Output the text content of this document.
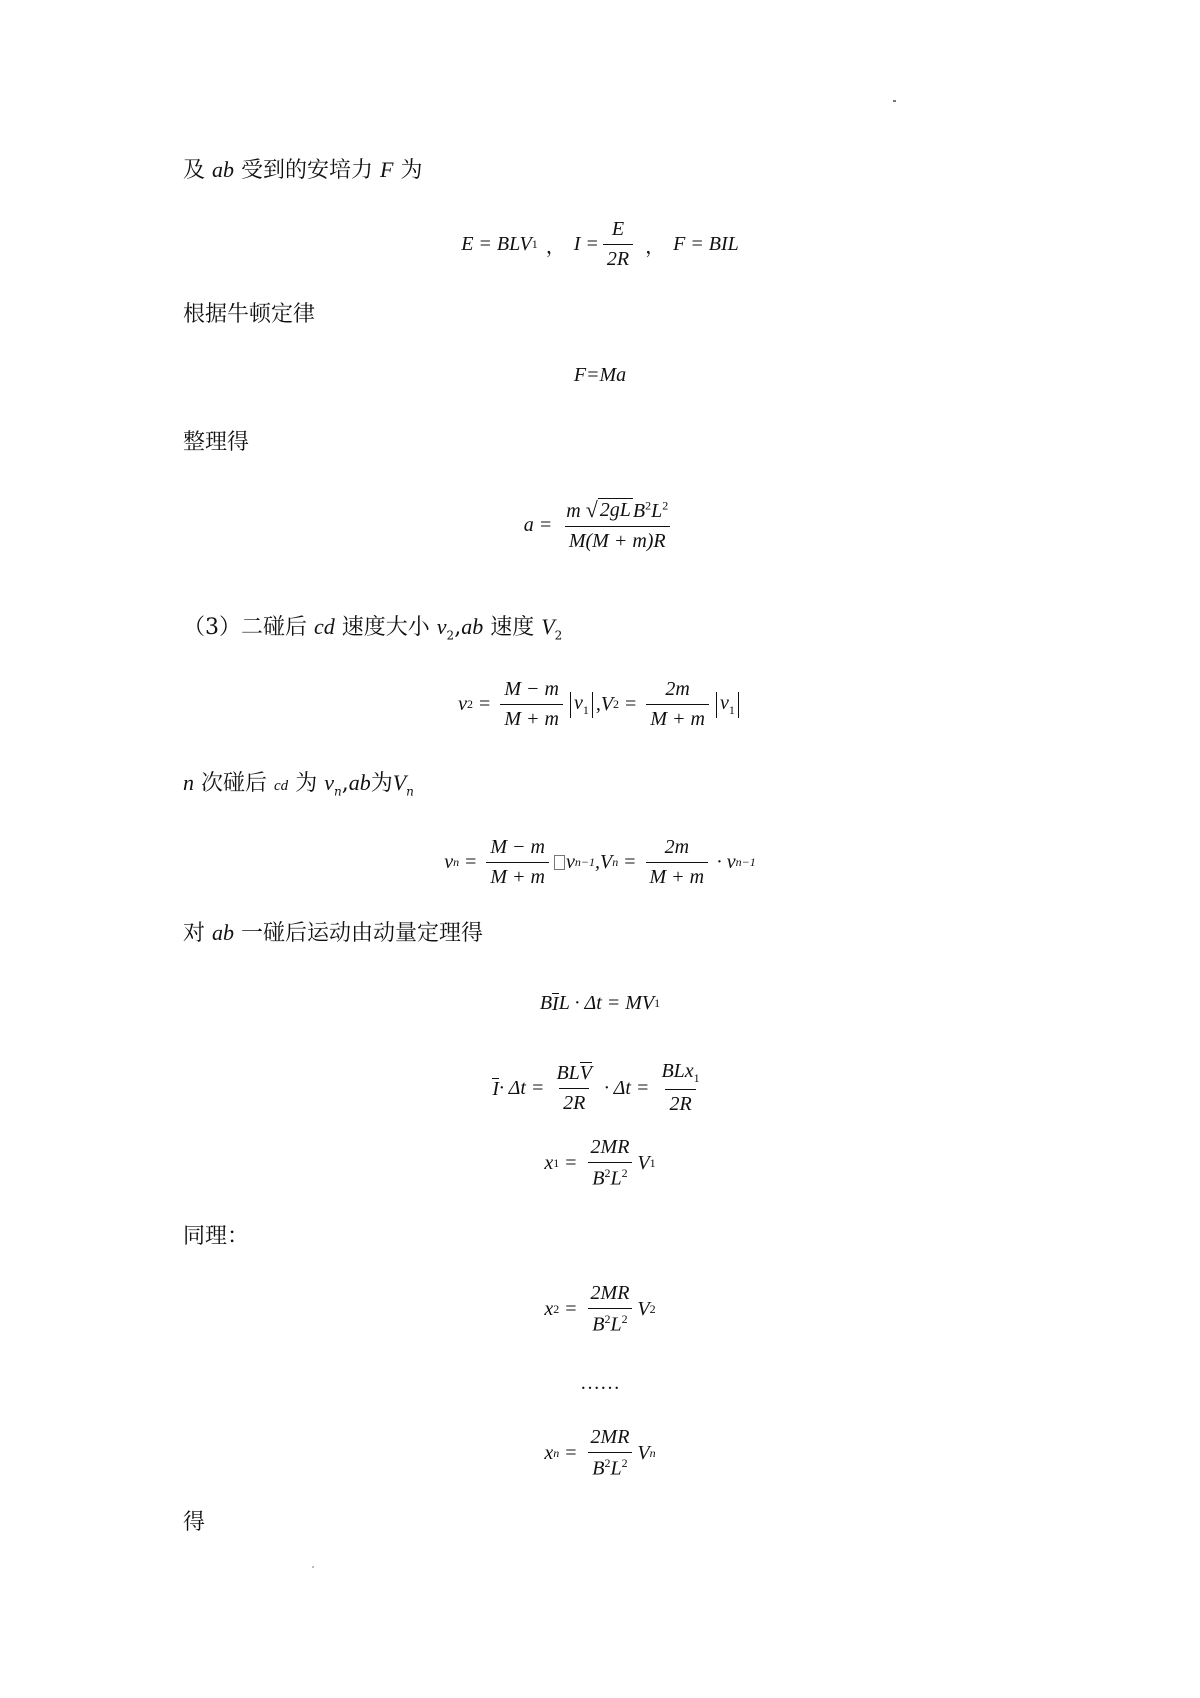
及 ab 受到的安培力 F 为
E = BLV 1 ， $I = \frac{E}{2R}$ ， F = BIL
根据牛顿定律
F=Ma
整理得
$a = \frac{m √ 2gL B^2L^2}{M(M + m)R}$
（3）二碰后 cd 速度大小 $v_2,ab$ 速度 $V_2$
v $2 = \frac{M - m}{M + m} v_1$ ,V $2 = \frac{2m}{M + m} v_1$
n 次碰后 cd 为 $v_n,ab$为$V_n$
v $n = \frac{M - m}{M + m}$ v n−1 ,V $n = \frac{2m}{M + m} \cdot v$ n−1
对 ab 一碰后运动由动量定理得
B I L · Δt = MV 1
$I \cdot \Delta t = \frac{\text{BLV}}{2R} \cdot \Delta t = \frac{BLx_1}{2R}$
x $1 = \frac{2MR}{B^2L^2}$ V 1
同理：
x $2 = \frac{2MR}{B^2L^2}$ V 2
……
x $n = \frac{2MR}{B^2L^2}$ V n
得
